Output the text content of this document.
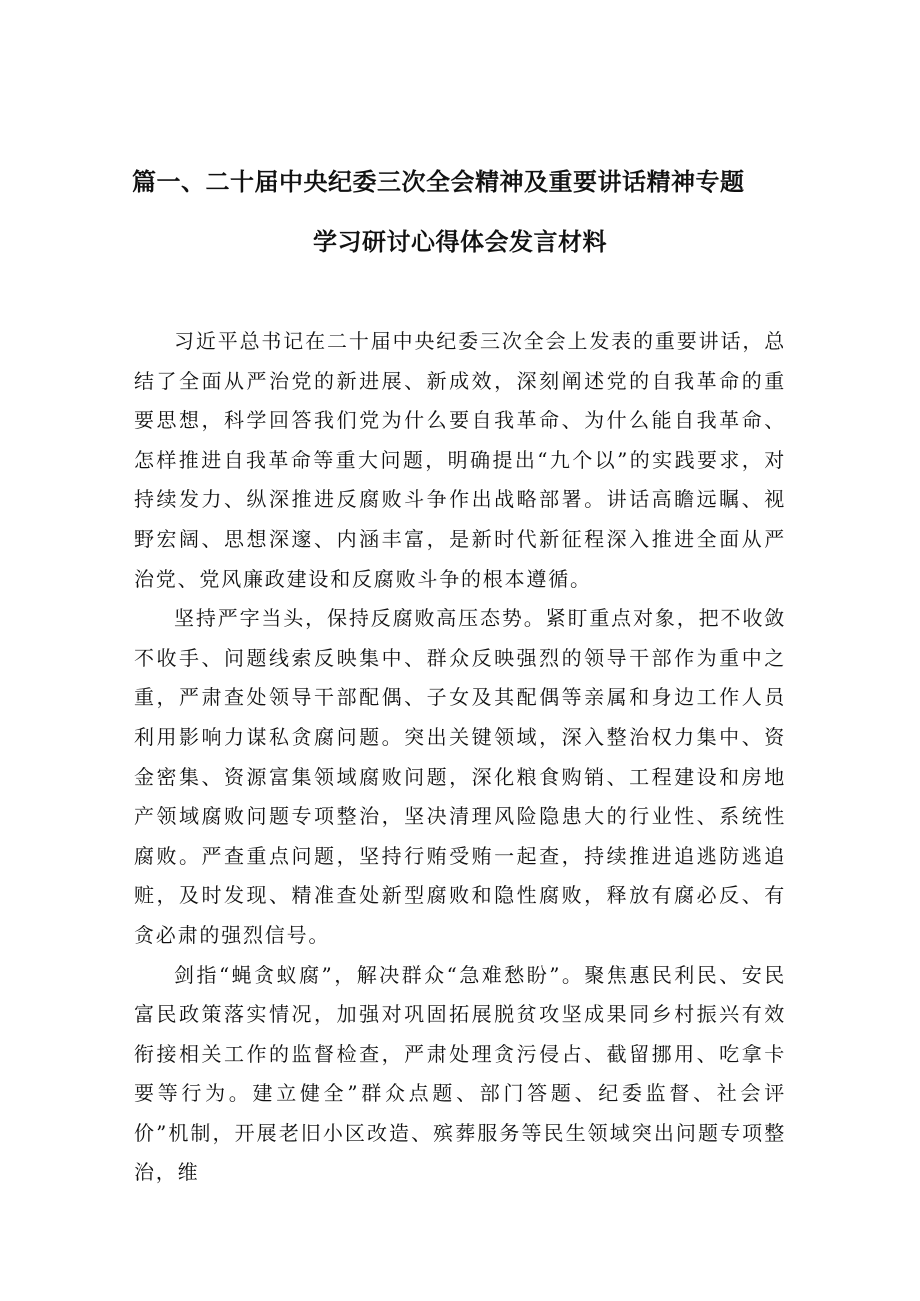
篇一、二十届中央纪委三次全会精神及重要讲话精神专题
学习研讨心得体会发言材料

习近平总书记在二十届中央纪委三次全会上发表的重要讲话，总结了全面从严治党的新进展、新成效，深刻阐述党的自我革命的重要思想，科学回答我们党为什么要自我革命、为什么能自我革命、怎样推进自我革命等重大问题，明确提出“九个以”的实践要求，对持续发力、纵深推进反腐败斗争作出战略部署。讲话高瞻远瞩、视野宏阔、思想深邃、内涵丰富，是新时代新征程深入推进全面从严治党、党风廉政建设和反腐败斗争的根本遵循。

坚持严字当头，保持反腐败高压态势。紧盯重点对象，把不收敛不收手、问题线索反映集中、群众反映强烈的领导干部作为重中之重，严肃查处领导干部配偶、子女及其配偶等亲属和身边工作人员利用影响力谋私贪腐问题。突出关键领域，深入整治权力集中、资金密集、资源富集领域腐败问题，深化粮食购销、工程建设和房地产领域腐败问题专项整治，坚决清理风险隐患大的行业性、系统性腐败。严查重点问题，坚持行贿受贿一起查，持续推进追逃防逃追赃，及时发现、精准查处新型腐败和隐性腐败，释放有腐必反、有贪必肃的强烈信号。

剑指“蝇贪蚁腐”，解决群众“急难愁盼”。聚焦惠民利民、安民富民政策落实情况，加强对巩固拓展脱贫攻坚成果同乡村振兴有效衔接相关工作的监督检查，严肃处理贪污侵占、截留挪用、吃拿卡要等行为。建立健全”群众点题、部门答题、纪委监督、社会评价”机制，开展老旧小区改造、殡葬服务等民生领域突出问题专项整治，维
